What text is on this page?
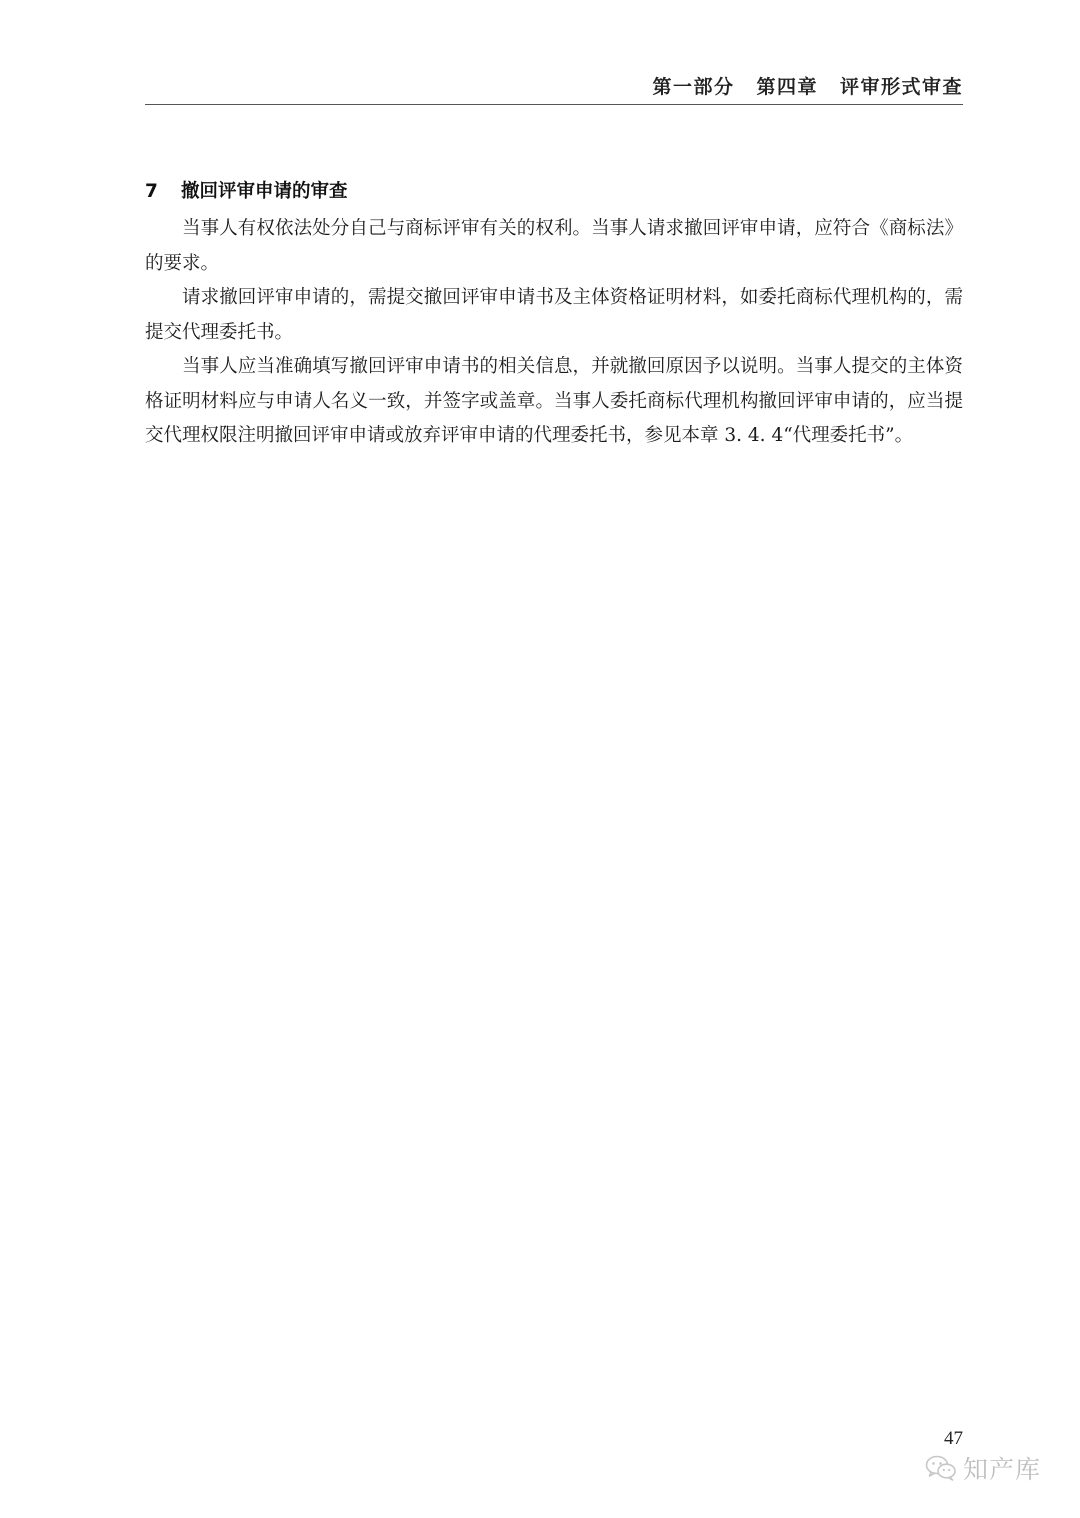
第一部分 第四章 评审形式审查
7 撤回评审申请的审查

当事人有权依法处分自己与商标评审有关的权利。当事人请求撤回评审申请，应符合《商标法》的要求。

请求撤回评审申请的，需提交撤回评审申请书及主体资格证明材料，如委托商标代理机构的，需提交代理委托书。

当事人应当准确填写撤回评审申请书的相关信息，并就撤回原因予以说明。当事人提交的主体资格证明材料应与申请人名义一致，并签字或盖章。当事人委托商标代理机构撤回评审申请的，应当提交代理权限注明撤回评审申请或放弃评审申请的代理委托书，参见本章 3. 4. 4“代理委托书”。

47
知产库
